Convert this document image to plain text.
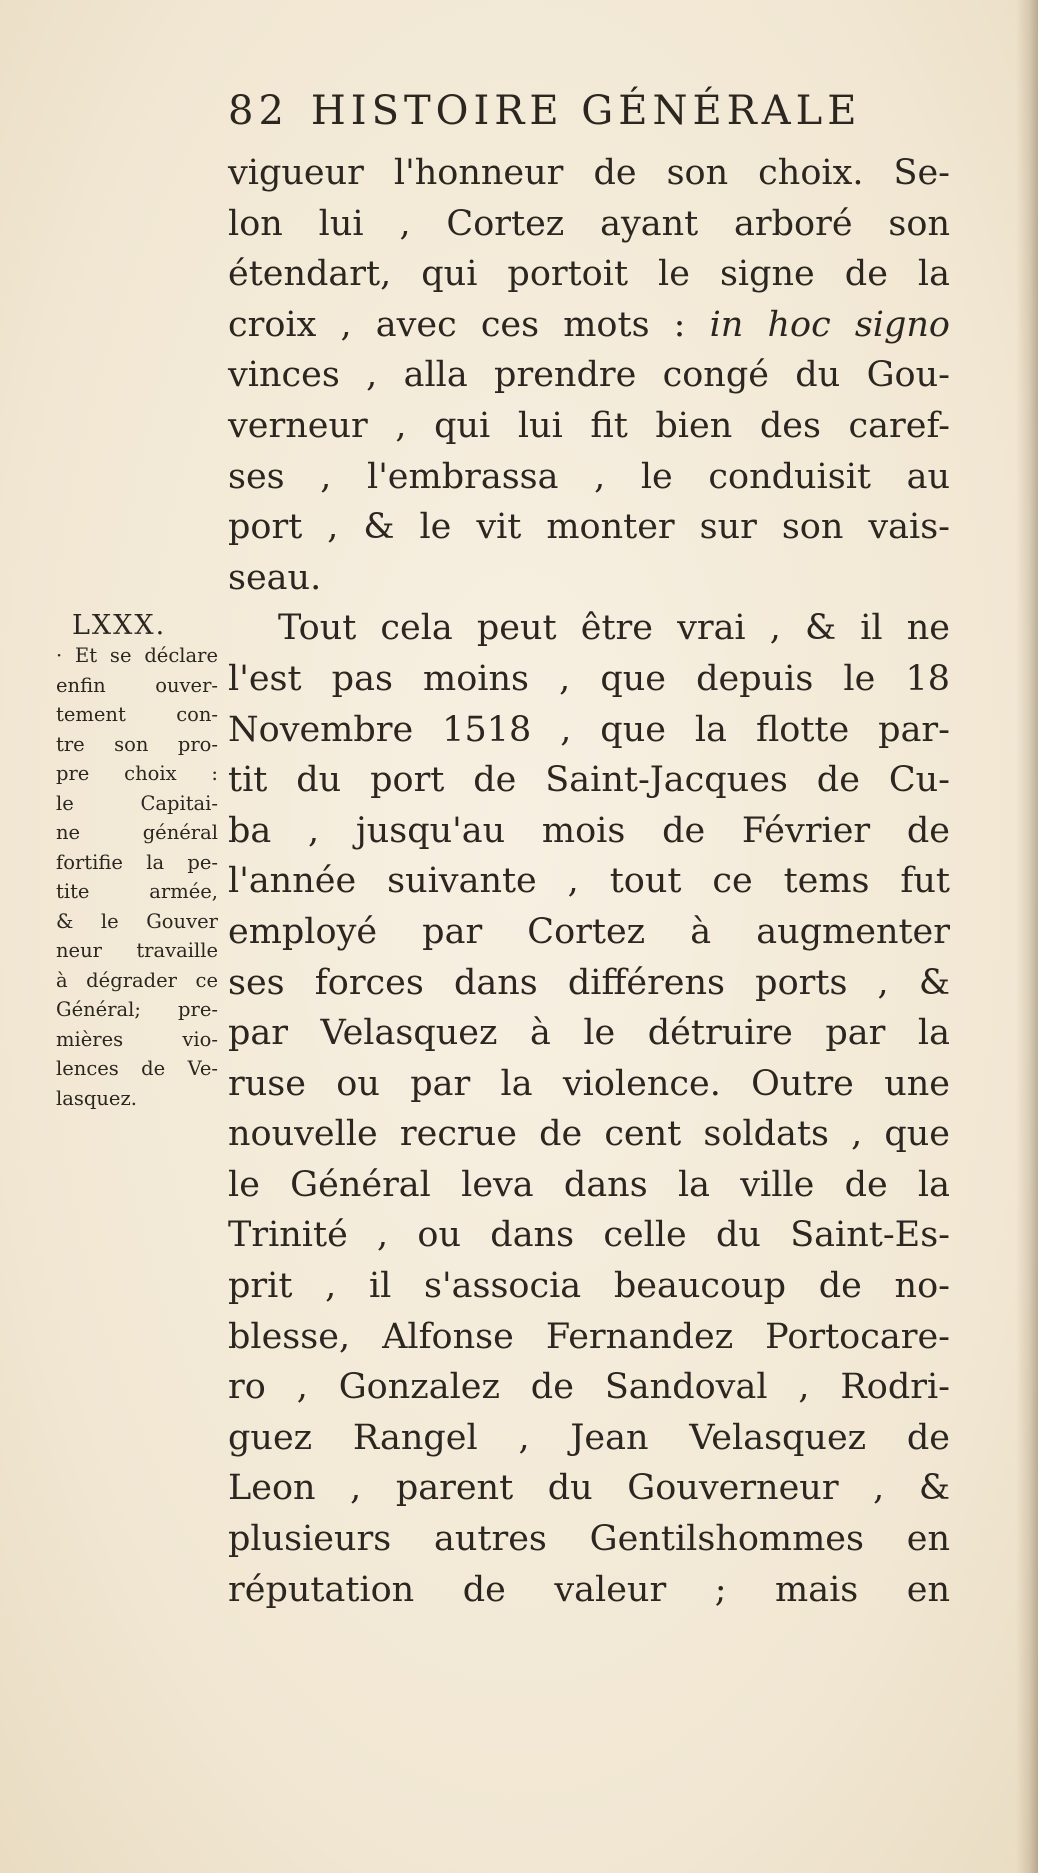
82 HISTOIRE GÉNÉRALE
LXXX.
· Et se déclare
enfin ouver-
tement con-
tre son pro-
pre choix :
le Capitai-
ne général
fortifie la pe-
tite armée,
& le Gouver
neur travaille
à dégrader ce
Général; pre-
mières vio-
lences de Ve-
lasquez.
vigueur l'honneur de son choix. Se-
lon lui , Cortez ayant arboré son
étendart, qui portoit le signe de la
croix , avec ces mots : in hoc signo
vinces , alla prendre congé du Gou-
verneur , qui lui fit bien des caref-
ses , l'embrassa , le conduisit au
port , & le vit monter sur son vais-
seau.
Tout cela peut être vrai , & il ne
l'est pas moins , que depuis le 18
Novembre 1518 , que la flotte par-
tit du port de Saint-Jacques de Cu-
ba , jusqu'au mois de Février de
l'année suivante , tout ce tems fut
employé par Cortez à augmenter
ses forces dans différens ports , &
par Velasquez à le détruire par la
ruse ou par la violence. Outre une
nouvelle recrue de cent soldats , que
le Général leva dans la ville de la
Trinité , ou dans celle du Saint-Es-
prit , il s'associa beaucoup de no-
blesse, Alfonse Fernandez Portocare-
ro , Gonzalez de Sandoval , Rodri-
guez Rangel , Jean Velasquez de
Leon , parent du Gouverneur , &
plusieurs autres Gentilshommes en
réputation de valeur ; mais en
